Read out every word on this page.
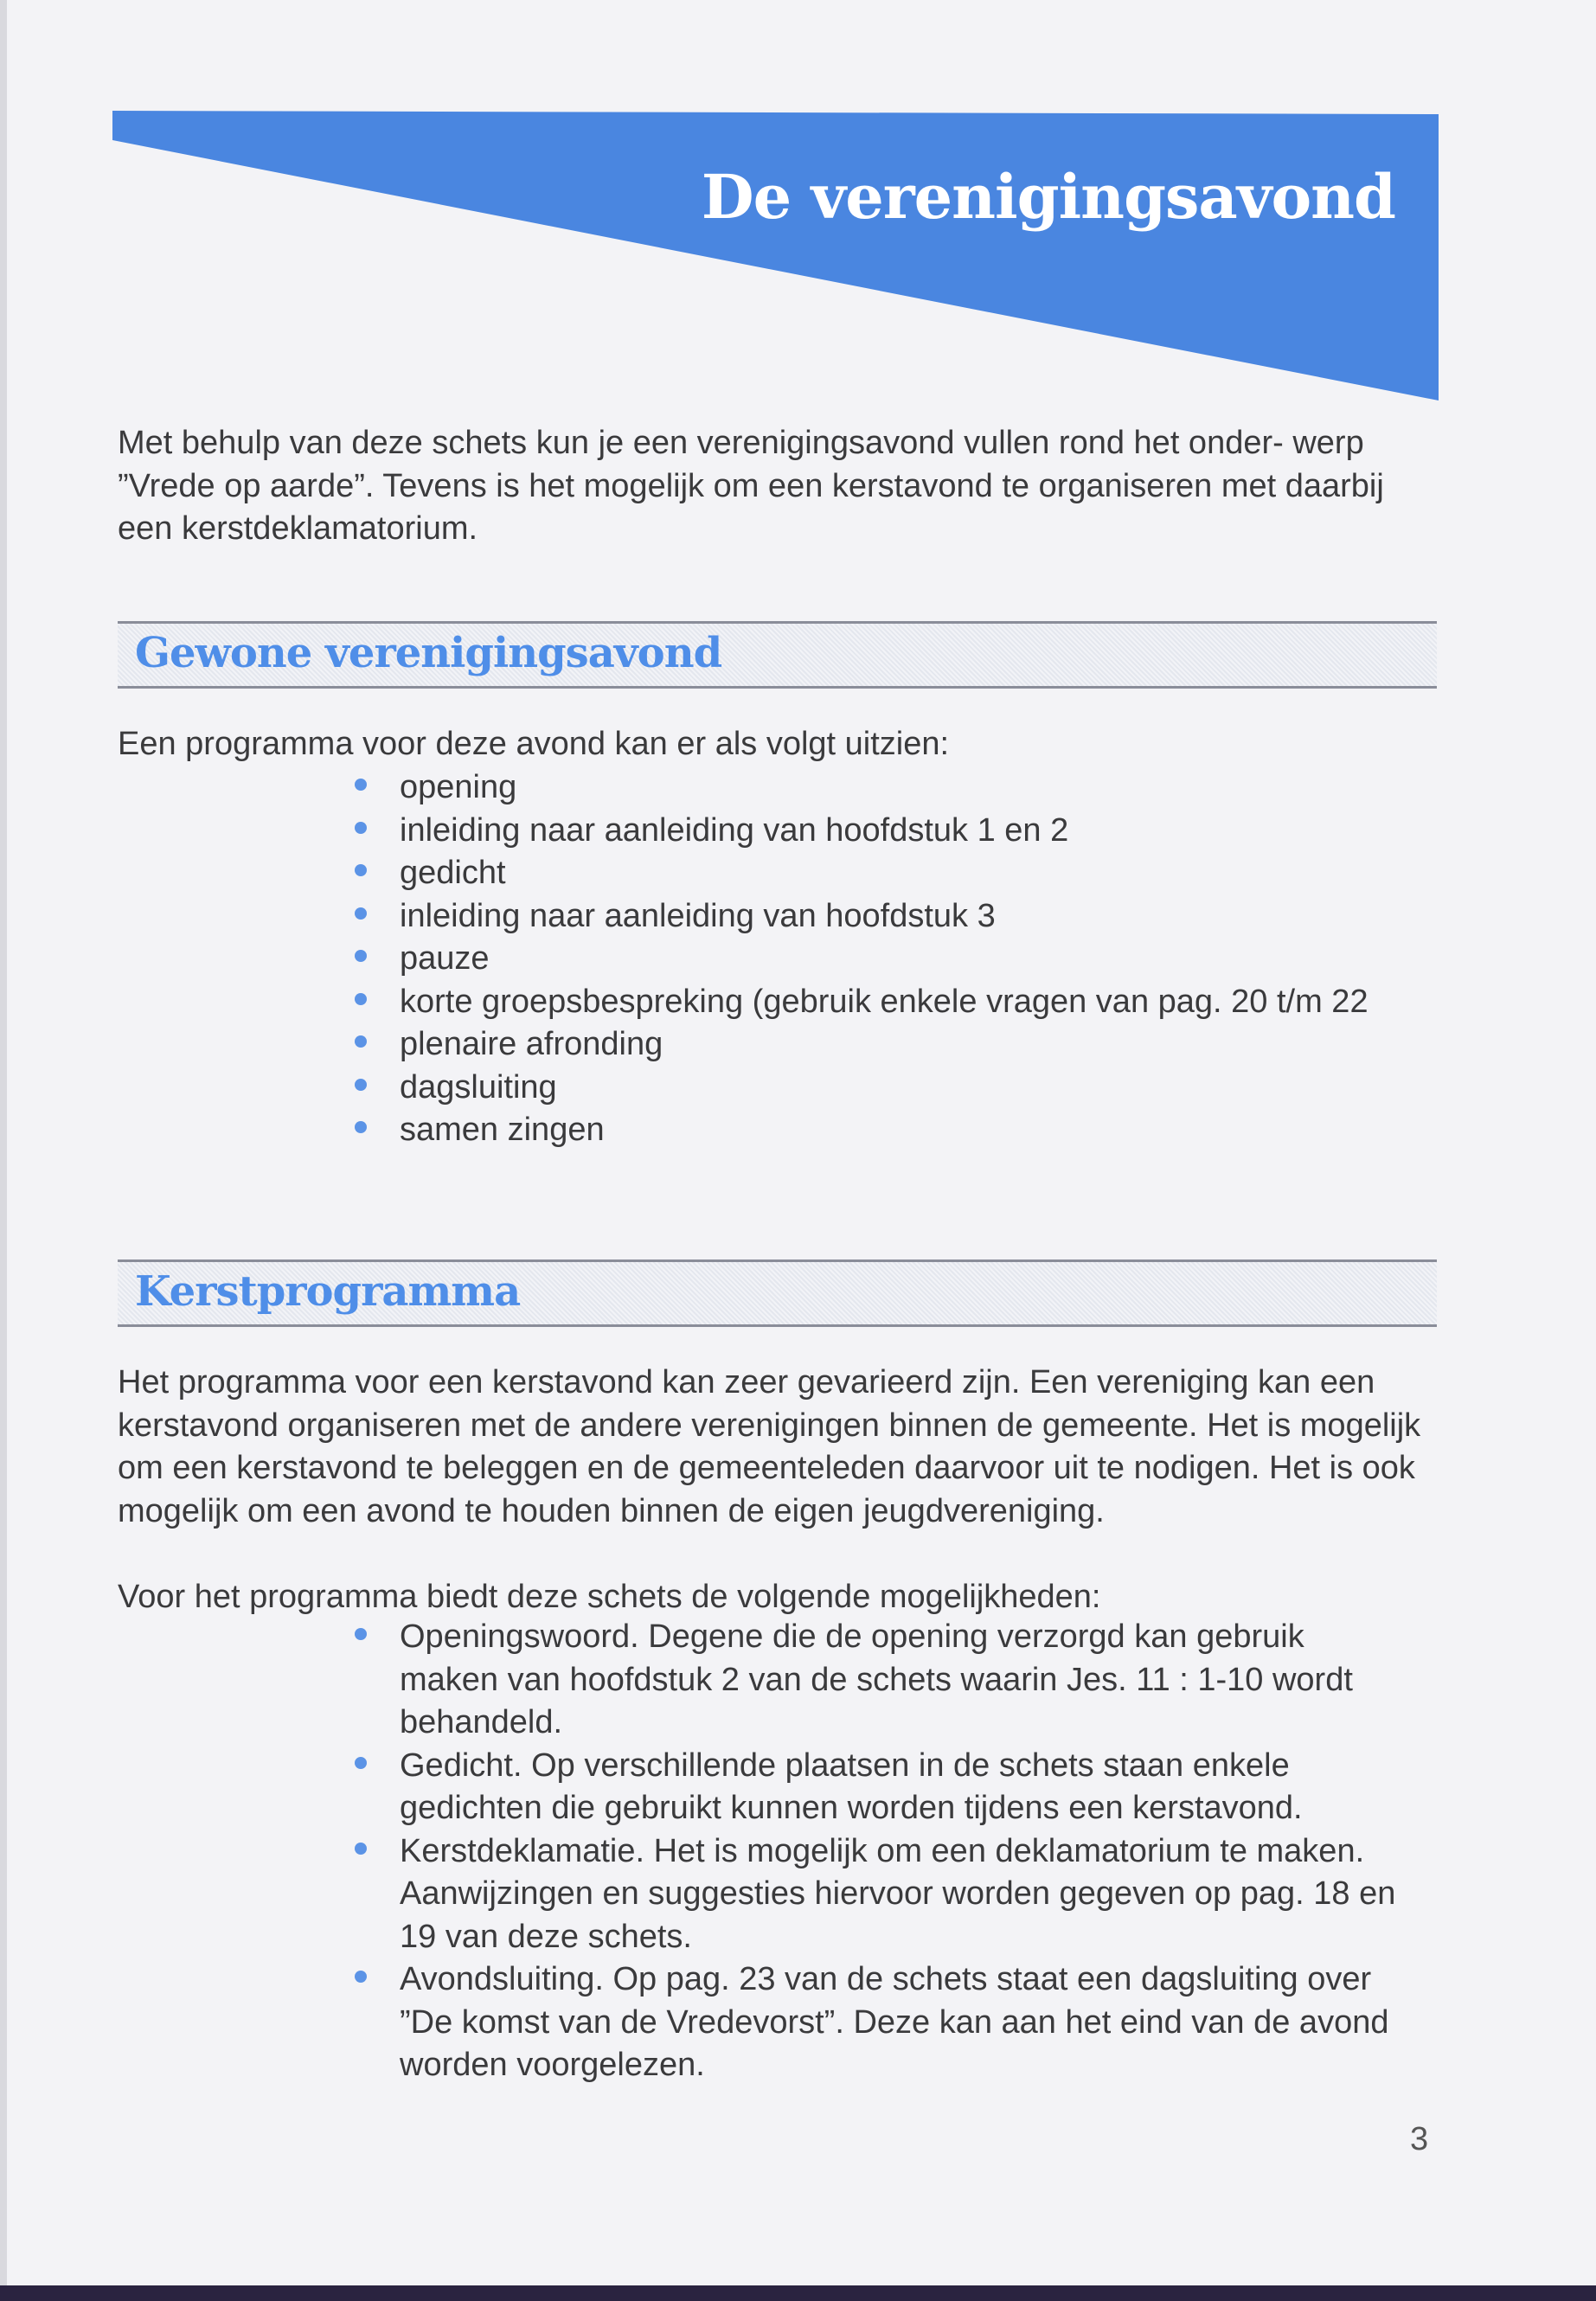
De verenigingsavond
Met behulp van deze schets kun je een verenigingsavond vullen rond het onder- werp ”Vrede op aarde”. Tevens is het mogelijk om een kerstavond te organiseren met daarbij een kerstdeklamatorium.
Gewone verenigingsavond
Een programma voor deze avond kan er als volgt uitzien:
opening
inleiding naar aanleiding van hoofdstuk 1 en 2
gedicht
inleiding naar aanleiding van hoofdstuk 3
pauze
korte groepsbespreking (gebruik enkele vragen van pag. 20 t/m 22
plenaire afronding
dagsluiting
samen zingen
Kerstprogramma
Het programma voor een kerstavond kan zeer gevarieerd zijn. Een vereniging kan een kerstavond organiseren met de andere verenigingen binnen de gemeente. Het is mogelijk om een kerstavond te beleggen en de gemeenteleden daarvoor uit te nodigen. Het is ook mogelijk om een avond te houden binnen de eigen jeugdvereniging.
Voor het programma biedt deze schets de volgende mogelijkheden:
Openingswoord. Degene die de opening verzorgd kan gebruik maken van hoofdstuk 2 van de schets waarin Jes. 11 : 1-10 wordt behandeld.
Gedicht. Op verschillende plaatsen in de schets staan enkele gedichten die gebruikt kunnen worden tijdens een kerstavond.
Kerstdeklamatie. Het is mogelijk om een deklamatorium te maken. Aanwijzingen en suggesties hiervoor worden gegeven op pag. 18 en 19 van deze schets.
Avondsluiting. Op pag. 23 van de schets staat een dagsluiting over ”De komst van de Vredevorst”. Deze kan aan het eind van de avond worden voorgelezen.
3
